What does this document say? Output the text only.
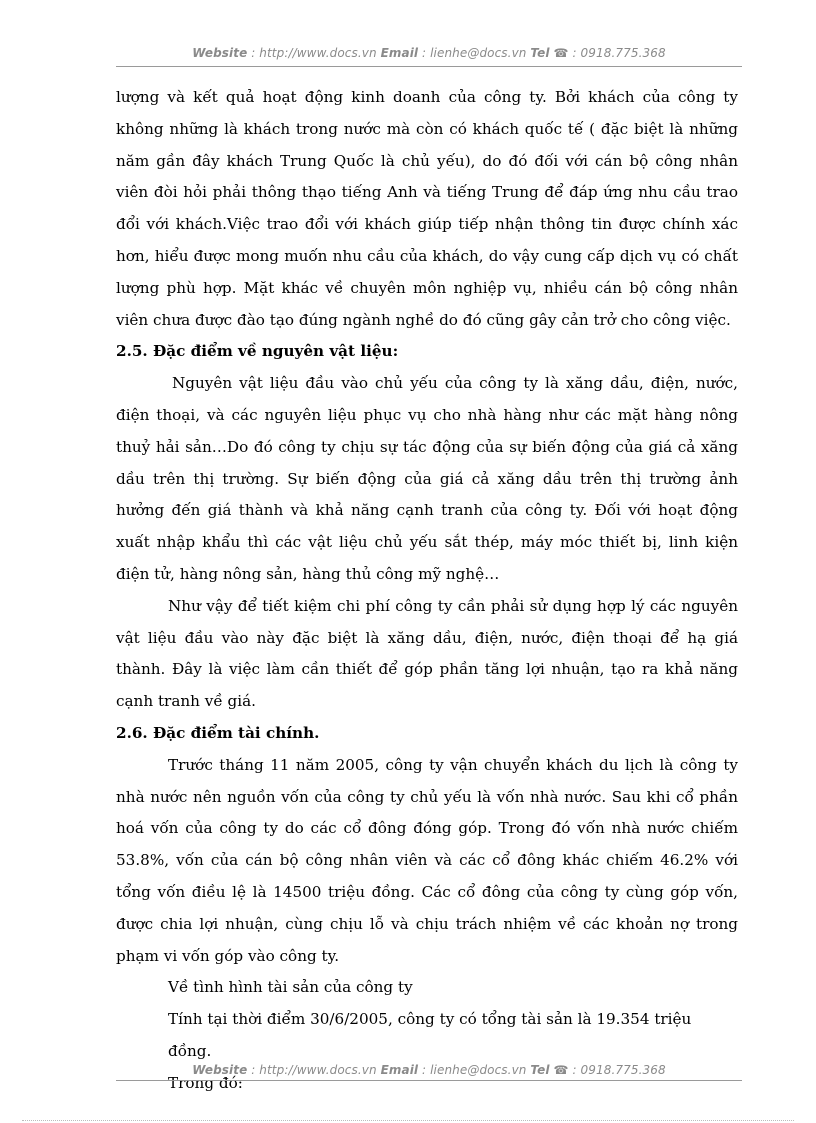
Website : http://www.docs.vn Email : lienhe@docs.vn Tel ☎ : 0918.775.368

lượng và kết quả hoạt động kinh doanh của công ty. Bởi khách của công ty không những là khách trong nước mà còn có khách quốc tế ( đặc biệt là những năm gần đây khách Trung Quốc là chủ yếu), do đó đối với cán bộ công nhân viên đòi hỏi phải thông thạo tiếng Anh và tiếng Trung để đáp ứng nhu cầu trao đổi với khách.Việc trao đổi với khách giúp tiếp nhận thông tin được chính xác hơn, hiểu được mong muốn nhu cầu của khách, do vậy cung cấp dịch vụ có chất lượng phù hợp. Mặt khác về chuyên môn nghiệp vụ, nhiều cán bộ công nhân viên chưa được đào tạo đúng ngành nghề do đó cũng gây cản trở cho công việc.

2.5. Đặc điểm về nguyên vật liệu:

Nguyên vật liệu đầu vào chủ yếu của công ty là xăng dầu, điện, nước, điện thoại, và các nguyên liệu phục vụ cho nhà hàng như các mặt hàng nông thuỷ hải sản…Do đó công ty chịu sự tác động của sự biến động của giá cả xăng dầu trên thị trường. Sự biến động của giá cả xăng dầu trên thị trường ảnh hưởng đến giá thành và khả năng cạnh tranh của công ty. Đối với hoạt động xuất nhập khẩu thì các vật liệu chủ yếu sắt thép, máy móc thiết bị, linh kiện điện tử, hàng nông sản, hàng thủ công mỹ nghệ…

Như vậy để tiết kiệm chi phí công ty cần phải sử dụng hợp lý các nguyên vật liệu đầu vào này đặc biệt là xăng dầu, điện, nước, điện thoại để hạ giá thành. Đây là việc làm cần thiết để góp phần tăng lợi nhuận, tạo ra khả năng cạnh tranh về giá.

2.6. Đặc điểm tài chính.

Trước tháng 11 năm 2005, công ty vận chuyển khách du lịch là công ty nhà nước nên nguồn vốn của công ty chủ yếu là vốn nhà nước. Sau khi cổ phần hoá vốn của công ty do các cổ đông đóng góp. Trong đó vốn nhà nước chiếm 53.8%, vốn của cán bộ công nhân viên và các cổ đông khác chiếm 46.2% với tổng vốn điều lệ là 14500 triệu đồng. Các cổ đông của công ty cùng góp vốn, được chia lợi nhuận, cùng chịu lỗ và chịu trách nhiệm về các khoản nợ trong phạm vi vốn góp vào công ty.

Về tình hình tài sản của công ty

Tính tại thời điểm 30/6/2005, công ty có tổng tài sản là 19.354 triệu đồng.

Trong đó:

Website : http://www.docs.vn Email : lienhe@docs.vn Tel ☎ : 0918.775.368
